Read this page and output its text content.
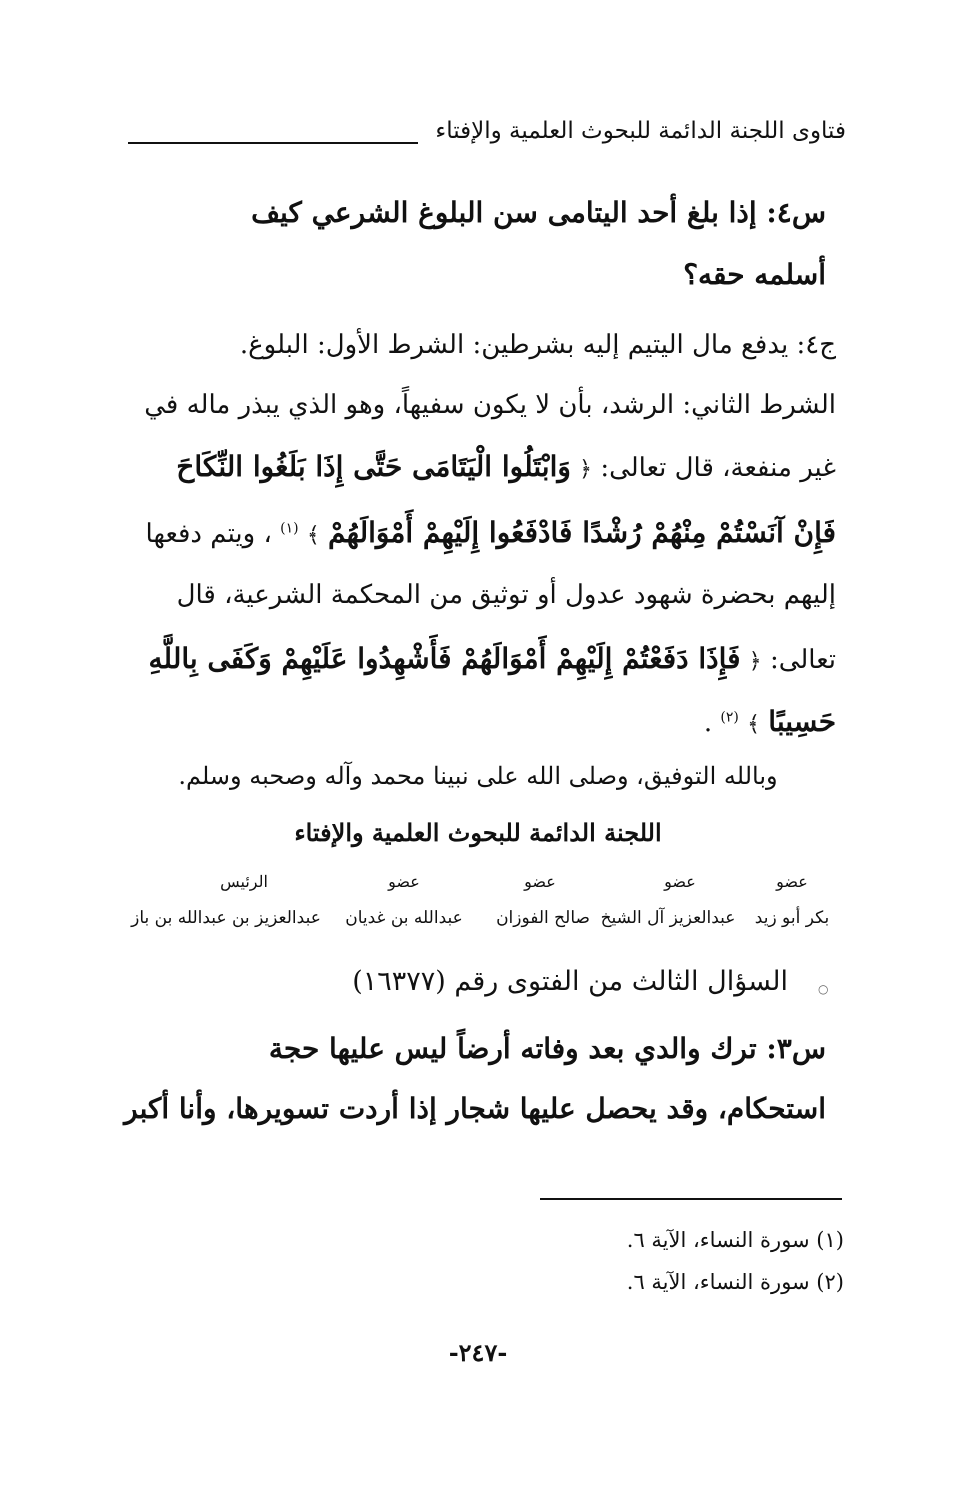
فتاوى اللجنة الدائمة للبحوث العلمية والإفتاء
س٤: إذا بلغ أحد اليتامى سن البلوغ الشرعي كيف
أسلمه حقه؟
ج٤: يدفع مال اليتيم إليه بشرطين: الشرط الأول: البلوغ.
الشرط الثاني: الرشد، بأن لا يكون سفيهاً، وهو الذي يبذر ماله في
غير منفعة، قال تعالى: ﴿ وَابْتَلُوا الْيَتَامَى حَتَّى إِذَا بَلَغُوا النِّكَاحَ
فَإِنْ آنَسْتُمْ مِنْهُمْ رُشْدًا فَادْفَعُوا إِلَيْهِمْ أَمْوَالَهُمْ ﴾ $^{(١)}$ ، ويتم دفعها
إليهم بحضرة شهود عدول أو توثيق من المحكمة الشرعية، قال
تعالى: ﴿ فَإِذَا دَفَعْتُمْ إِلَيْهِمْ أَمْوَالَهُمْ فَأَشْهِدُوا عَلَيْهِمْ وَكَفَى بِاللَّهِ
حَسِيبًا ﴾ $^{(٢)}$ .
وبالله التوفيق، وصلى الله على نبينا محمد وآله وصحبه وسلم.
اللجنة الدائمة للبحوث العلمية والإفتاء
عضو
بكر أبو زيد
عضو
عبدالعزيز آل الشيخ
عضو
صالح الفوزان
عضو
عبدالله بن غديان
الرئيس
عبدالعزيز بن عبدالله بن باز
السؤال الثالث من الفتوى رقم (١٦٣٧٧)
س٣: ترك والدي بعد وفاته أرضاً ليس عليها حجة
استحكام، وقد يحصل عليها شجار إذا أردت تسويرها، وأنا أكبر
(١) سورة النساء، الآية ٦.
(٢) سورة النساء، الآية ٦.
-٢٤٧-
○
